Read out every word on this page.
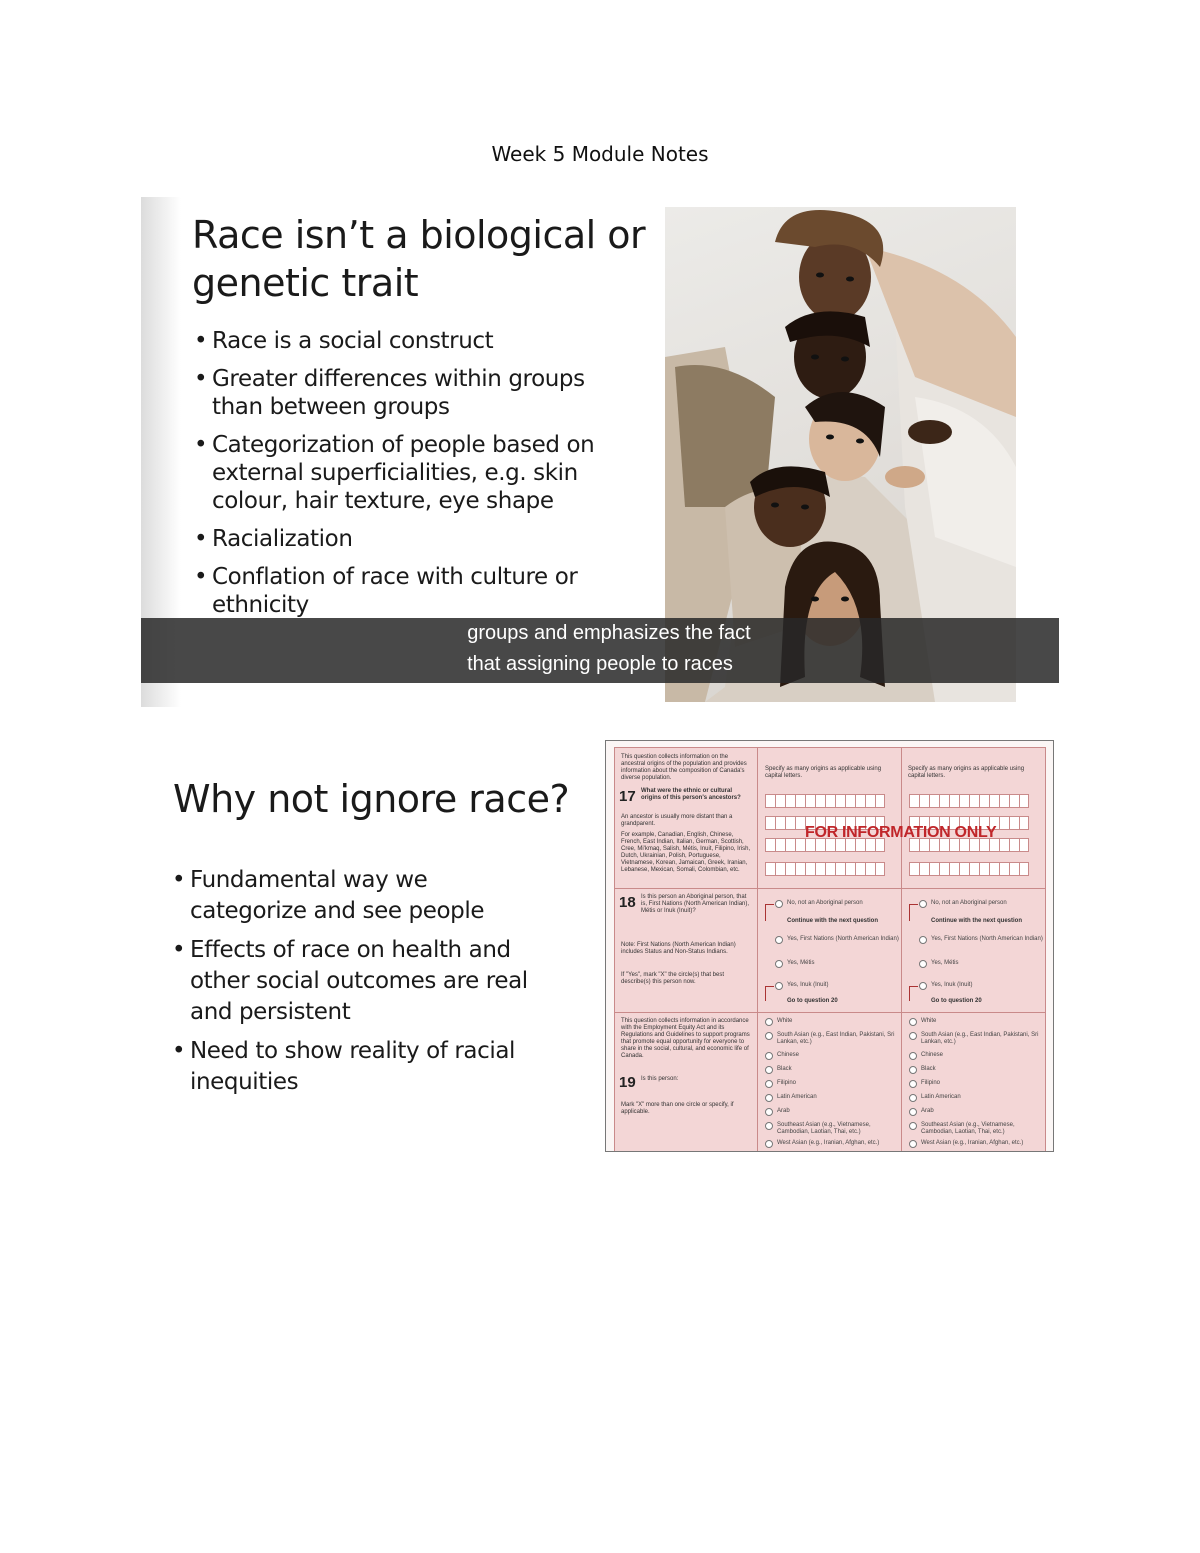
Week 5 Module Notes
Race isn’t a biological or genetic trait
• Race is a social construct
• Greater differences within groups than between groups
• Categorization of people based on external superficialities, e.g. skin colour, hair texture, eye shape
• Racialization
• Conflation of race with culture or ethnicity
groups and emphasizes the fact
that assigning people to races
Why not ignore race?
• Fundamental way we categorize and see people
• Effects of race on health and other social outcomes are real and persistent
• Need to show reality of racial inequities
This question collects information on the ancestral origins of the population and provides information about the composition of Canada's diverse population.
17 What were the ethnic or cultural origins of this person's ancestors?
An ancestor is usually more distant than a grandparent.
For example, Canadian, English, Chinese, French, East Indian, Italian, German, Scottish, Cree, Mi'kmaq, Salish, Métis, Inuit, Filipino, Irish, Dutch, Ukrainian, Polish, Portuguese, Vietnamese, Korean, Jamaican, Greek, Iranian, Lebanese, Mexican, Somali, Colombian, etc.
Specify as many origins as applicable using capital letters.
Specify as many origins as applicable using capital letters.
FOR INFORMATION ONLY
18 Is this person an Aboriginal person, that is, First Nations (North American Indian), Métis or Inuk (Inuit)?
Note: First Nations (North American Indian) includes Status and Non-Status Indians.
If "Yes", mark "X" the circle(s) that best describe(s) this person now.
No, not an Aboriginal person
Continue with the next question
Yes, First Nations (North American Indian)
Yes, Métis
Yes, Inuk (Inuit)
Go to question 20
No, not an Aboriginal person
Continue with the next question
Yes, First Nations (North American Indian)
Yes, Métis
Yes, Inuk (Inuit)
Go to question 20
This question collects information in accordance with the Employment Equity Act and its Regulations and Guidelines to support programs that promote equal opportunity for everyone to share in the social, cultural, and economic life of Canada.
19 Is this person:
Mark "X" more than one circle or specify, if applicable.
White
South Asian (e.g., East Indian, Pakistani, Sri Lankan, etc.)
Chinese
Black
Filipino
Latin American
Arab
Southeast Asian (e.g., Vietnamese, Cambodian, Laotian, Thai, etc.)
West Asian (e.g., Iranian, Afghan, etc.)
White
South Asian (e.g., East Indian, Pakistani, Sri Lankan, etc.)
Chinese
Black
Filipino
Latin American
Arab
Southeast Asian (e.g., Vietnamese, Cambodian, Laotian, Thai, etc.)
West Asian (e.g., Iranian, Afghan, etc.)
